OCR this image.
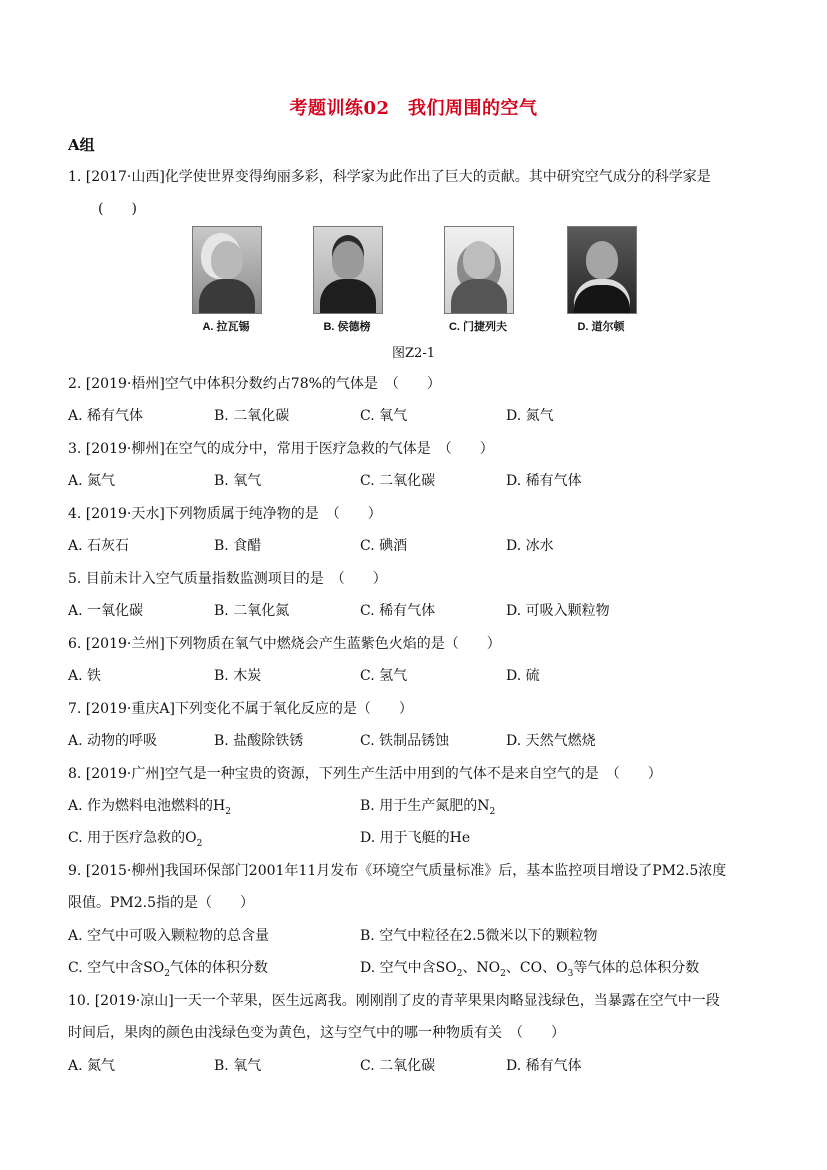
考题训练02　我们周围的空气
A组
1. [2017·山西]化学使世界变得绚丽多彩，科学家为此作出了巨大的贡献。其中研究空气成分的科学家是
(　　)
A. 拉瓦锡	B. 侯德榜	C. 门捷列夫	D. 道尔顿
图Z2-1
2. [2019·梧州]空气中体积分数约占78%的气体是　（　　）
A. 稀有气体	B. 二氧化碳	C. 氧气	D. 氮气
3. [2019·柳州]在空气的成分中，常用于医疗急救的气体是　（　　）
A. 氮气	B. 氧气	C. 二氧化碳	D. 稀有气体
4. [2019·天水]下列物质属于纯净物的是　（　　）
A. 石灰石	B. 食醋	C. 碘酒	D. 冰水
5. 目前未计入空气质量指数监测项目的是　（　　）
A. 一氧化碳	B. 二氧化氮	C. 稀有气体	D. 可吸入颗粒物
6. [2019·兰州]下列物质在氧气中燃烧会产生蓝紫色火焰的是（　　）
A. 铁	B. 木炭	C. 氢气	D. 硫
7. [2019·重庆A]下列变化不属于氧化反应的是（　　）
A. 动物的呼吸	B. 盐酸除铁锈	C. 铁制品锈蚀	D. 天然气燃烧
8. [2019·广州]空气是一种宝贵的资源，下列生产生活中用到的气体不是来自空气的是　（　　）
A. 作为燃料电池燃料的$H_2$	B. 用于生产氮肥的$N_2$
C. 用于医疗急救的$O_2$	D. 用于飞艇的He
9. [2015·柳州]我国环保部门2001年11月发布《环境空气质量标准》后，基本监控项目增设了PM2.5浓度
限值。PM2.5指的是（　　）
A. 空气中可吸入颗粒物的总含量	B. 空气中粒径在2.5微米以下的颗粒物
C. 空气中含$SO_2$气体的体积分数	D. 空气中含$SO_2$、$NO_2$、CO、$O_3$等气体的总体积分数
10. [2019·凉山]一天一个苹果，医生远离我。刚刚削了皮的青苹果果肉略显浅绿色，当暴露在空气中一段
时间后，果肉的颜色由浅绿色变为黄色，这与空气中的哪一种物质有关　（　　）
A. 氮气	B. 氧气	C. 二氧化碳	D. 稀有气体
